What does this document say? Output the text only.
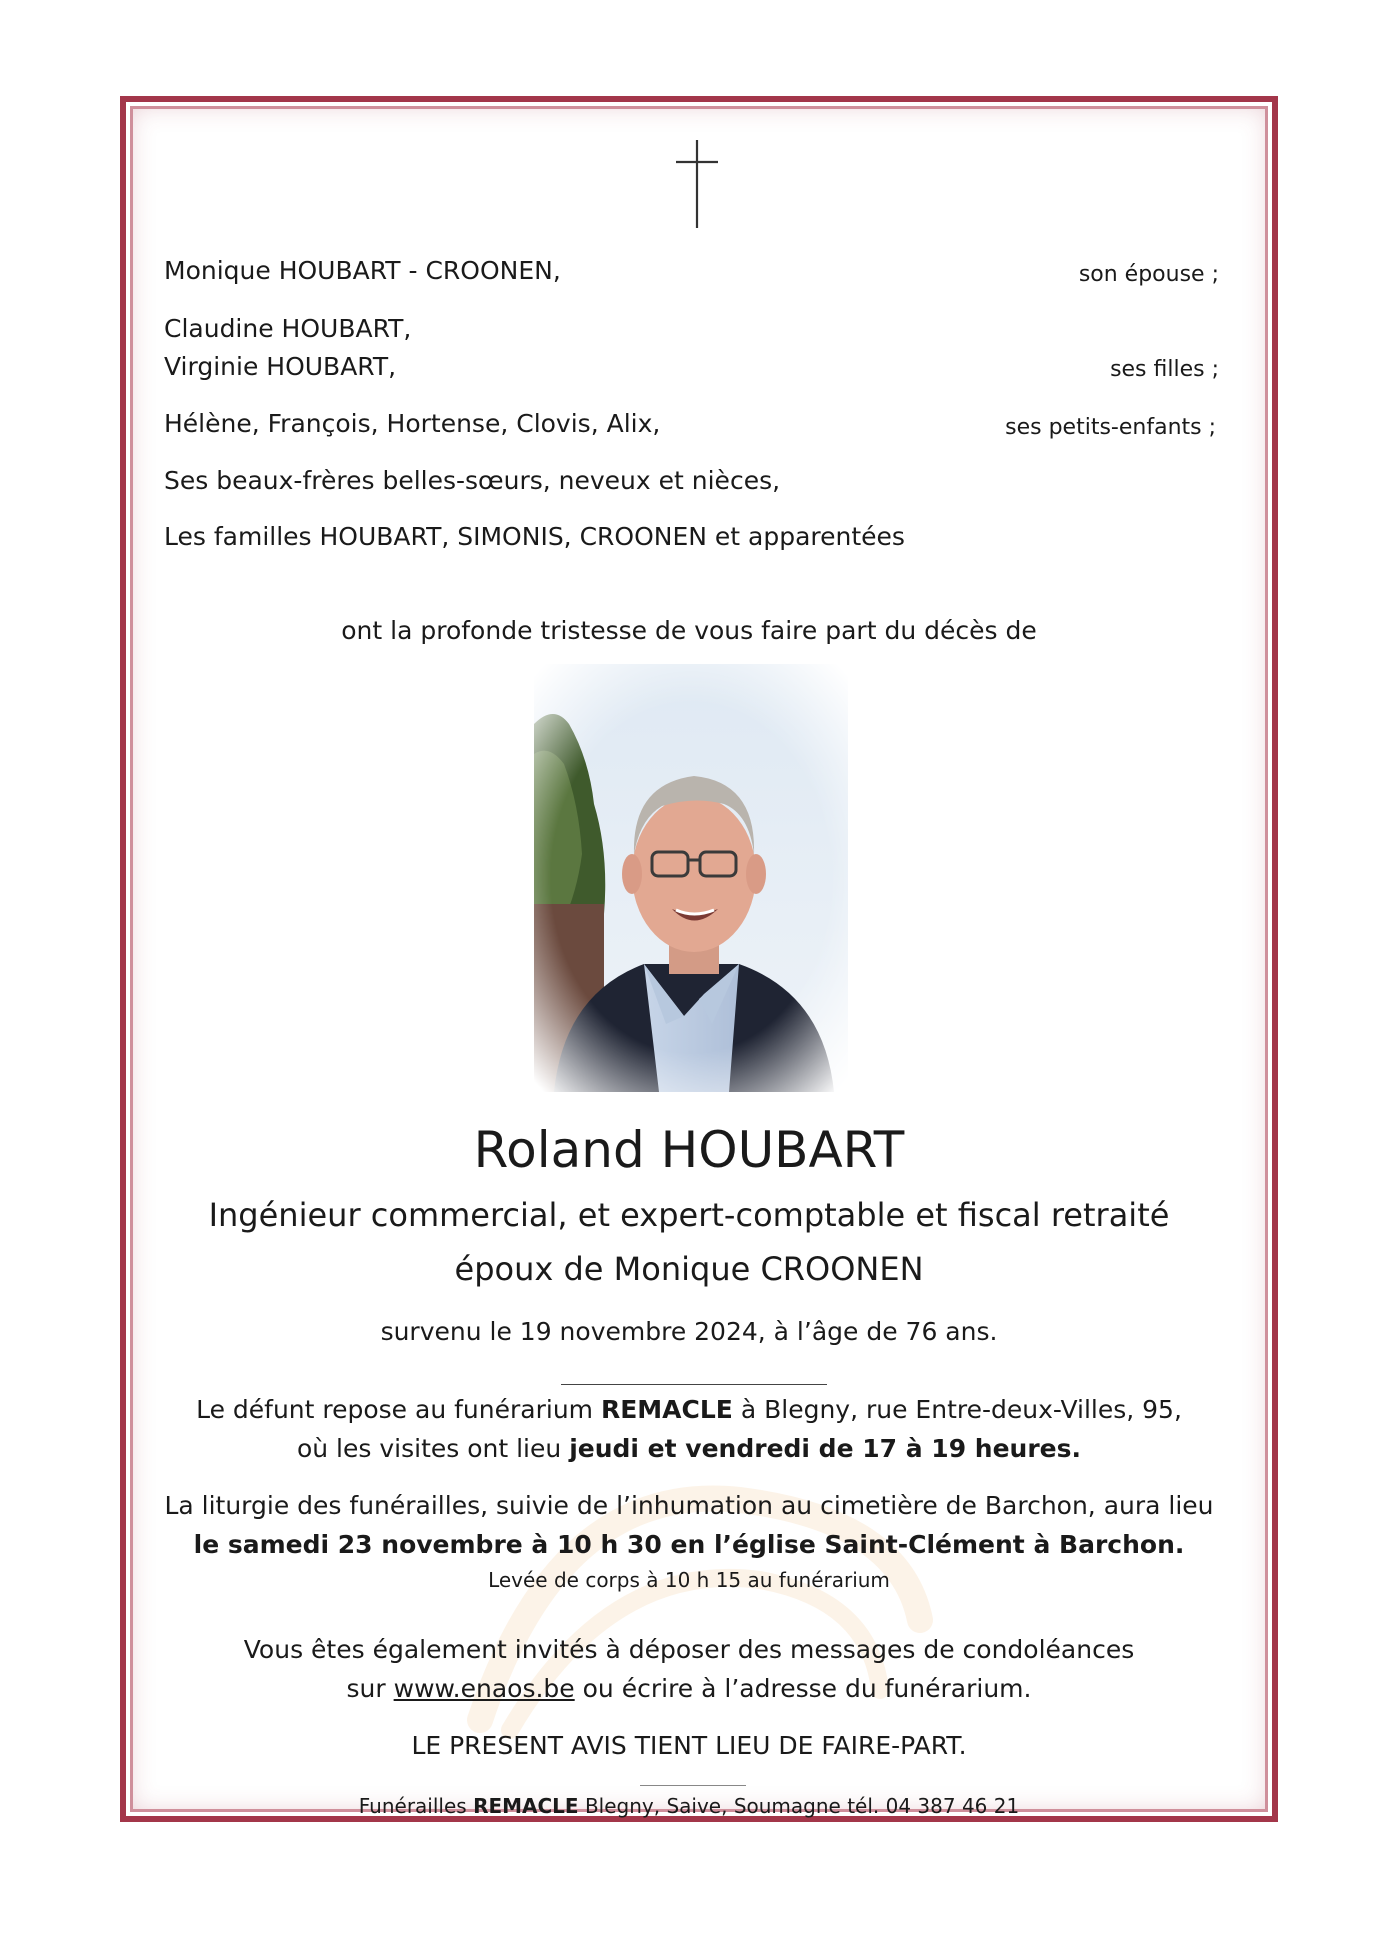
Monique HOUBART - CROONEN,	son épouse ;
Claudine HOUBART,
Virginie HOUBART,	ses filles ;
Hélène, François, Hortense, Clovis, Alix,	ses petits-enfants ;
Ses beaux-frères belles-sœurs, neveux et nièces,
Les familles HOUBART, SIMONIS, CROONEN et apparentées
ont la profonde tristesse de vous faire part du décès de
Roland HOUBART
Ingénieur commercial, et expert-comptable et fiscal retraité
époux de Monique CROONEN
survenu le 19 novembre 2024, à l’âge de 76 ans.
Le défunt repose au funérarium REMACLE à Blegny, rue Entre-deux-Villes, 95,
où les visites ont lieu jeudi et vendredi de 17 à 19 heures.
La liturgie des funérailles, suivie de l’inhumation au cimetière de Barchon, aura lieu
le samedi 23 novembre à 10 h 30 en l’église Saint-Clément à Barchon.
Levée de corps à 10 h 15 au funérarium
Vous êtes également invités à déposer des messages de condoléances
sur www.enaos.be ou écrire à l’adresse du funérarium.
LE PRESENT AVIS TIENT LIEU DE FAIRE-PART.
Funérailles REMACLE Blegny, Saive, Soumagne tél. 04 387 46 21
